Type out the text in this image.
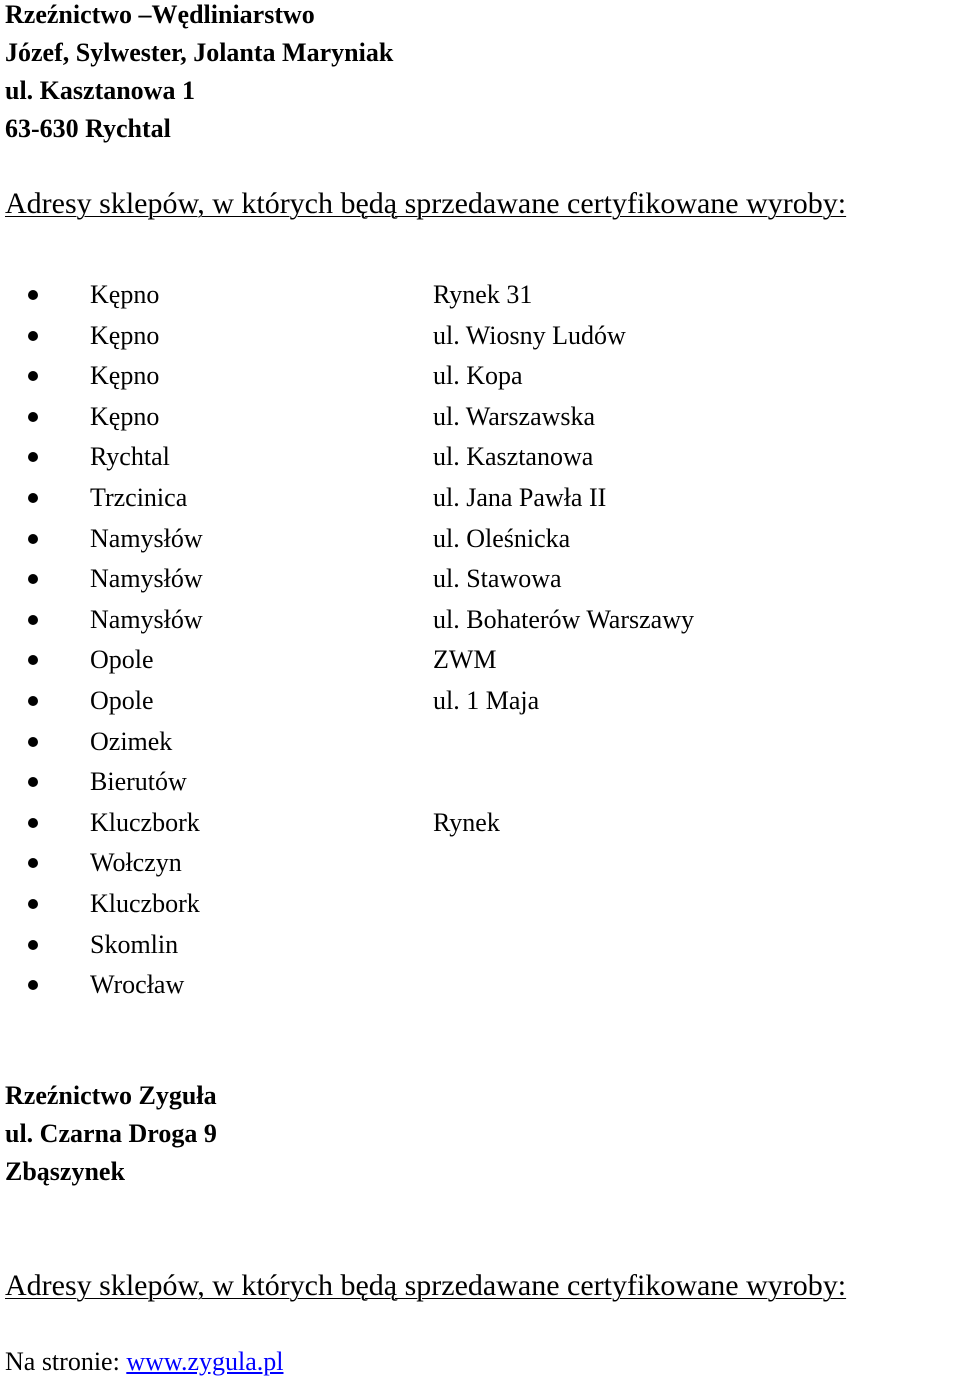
Rzeźnictwo –Wędliniarstwo
Józef, Sylwester, Jolanta Maryniak
ul. Kasztanowa 1
63-630 Rychtal
Adresy sklepów, w których będą sprzedawane certyfikowane wyroby:
Kępno	Rynek 31
Kępno	ul. Wiosny Ludów
Kępno	ul. Kopa
Kępno	ul. Warszawska
Rychtal	ul. Kasztanowa
Trzcinica	ul. Jana Pawła II
Namysłów	ul. Oleśnicka
Namysłów	ul. Stawowa
Namysłów	ul. Bohaterów Warszawy
Opole	ZWM
Opole	ul. 1 Maja
Ozimek
Bierutów
Kluczbork	Rynek
Wołczyn
Kluczbork
Skomlin
Wrocław
Rzeźnictwo Zyguła
ul. Czarna Droga 9
Zbąszynek
Adresy sklepów, w których będą sprzedawane certyfikowane wyroby:
Na stronie: www.zygula.pl
